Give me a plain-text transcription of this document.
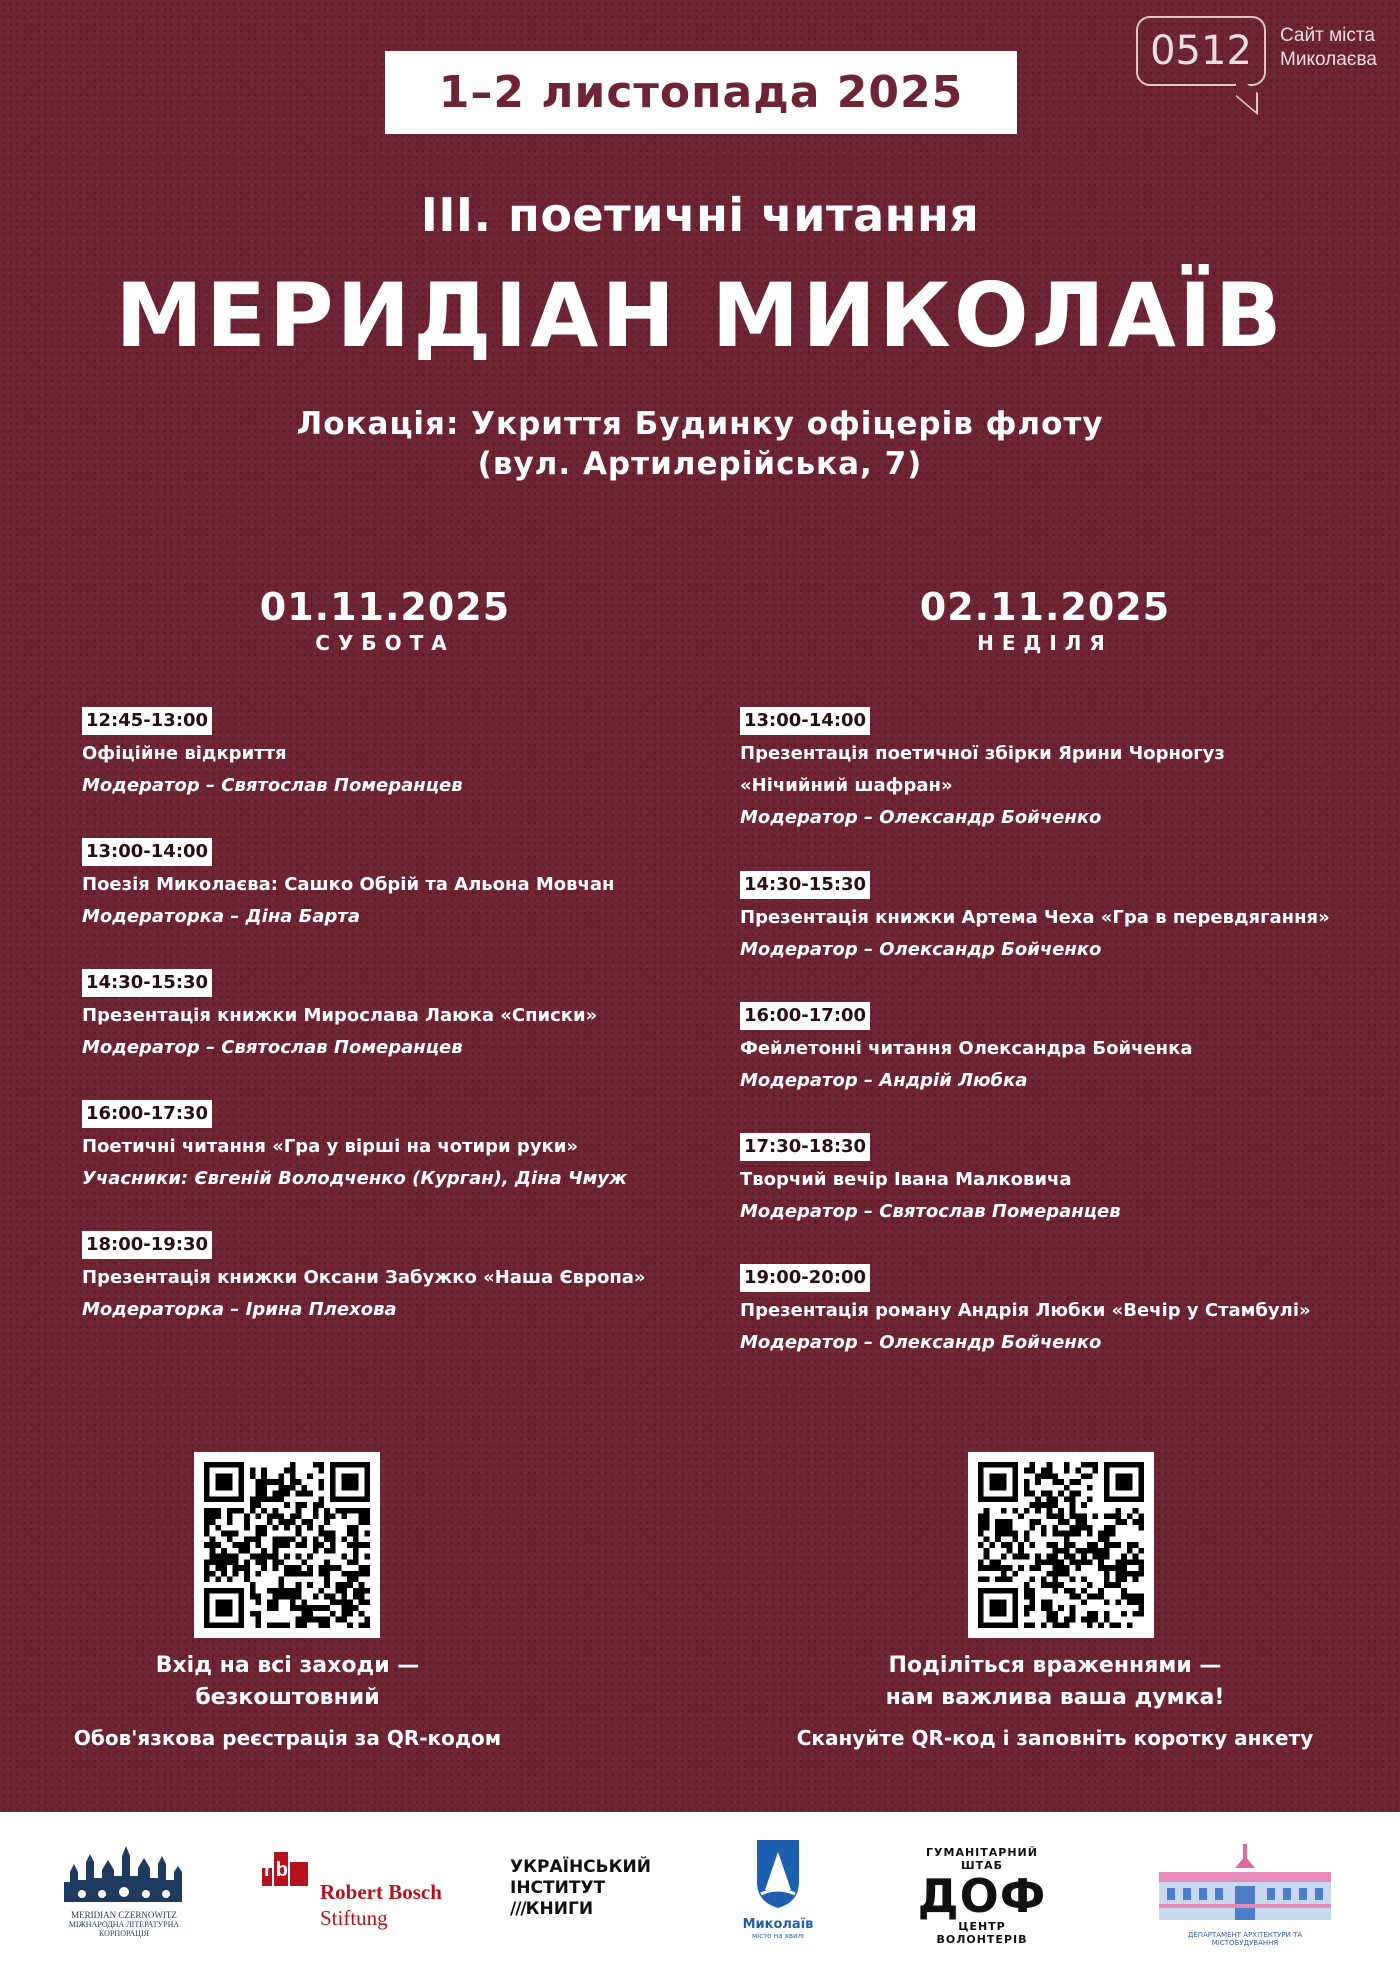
0512 Сайт міста
Миколаєва
1–2 листопада 2025
III. поетичні читання
МЕРИДІАН МИКОЛАЇВ
Локація: Укриття Будинку офіцерів флоту
(вул. Артилерійська, 7)
01.11.2025
СУБОТА
02.11.2025
НЕДІЛЯ
12:45-13:00
Офіційне відкриття
Модератор – Святослав Померанцев
13:00-14:00
Поезія Миколаєва: Сашко Обрій та Альона Мовчан
Модераторка – Діна Барта
14:30-15:30
Презентація книжки Мирослава Лаюка «Списки»
Модератор – Святослав Померанцев
16:00-17:30
Поетичні читання «Гра у вірші на чотири руки»
Учасники: Євгеній Володченко (Курган), Діна Чмуж
18:00-19:30
Презентація книжки Оксани Забужко «Наша Європа»
Модераторка – Ірина Плехова
13:00-14:00
Презентація поетичної збірки Ярини Чорногуз
«Нічийний шафран»
Модератор – Олександр Бойченко
14:30-15:30
Презентація книжки Артема Чеха «Гра в перевдягання»
Модератор – Олександр Бойченко
16:00-17:00
Фейлетонні читання Олександра Бойченка
Модератор – Андрій Любка
17:30-18:30
Творчий вечір Івана Малковича
Модератор – Святослав Померанцев
19:00-20:00
Презентація роману Андрія Любки «Вечір у Стамбулі»
Модератор – Олександр Бойченко
Вхід на всі заходи —
безкоштовний
Обов'язкова реєстрація за QR-кодом
Поділіться враженнями —
нам важлива ваша думка!
Скануйте QR-код і заповніть коротку анкету
MERIDIAN CZERNOWITZ
МІЖНАРОДНА ЛІТЕРАТУРНА
КОРПОРАЦІЯ
rb
Robert Bosch
Stiftung
УКРАЇНСЬКИЙ
ІНСТИТУТ
///КНИГИ
Миколаїв
місто на хвилі
ГУМАНІТАРНИЙ ШТАБ
ДОФ
ЦЕНТР ВОЛОНТЕРІВ	ДЕПАРТАМЕНТ АРХІТЕКТУРИ ТА МІСТОБУДУВАННЯ
